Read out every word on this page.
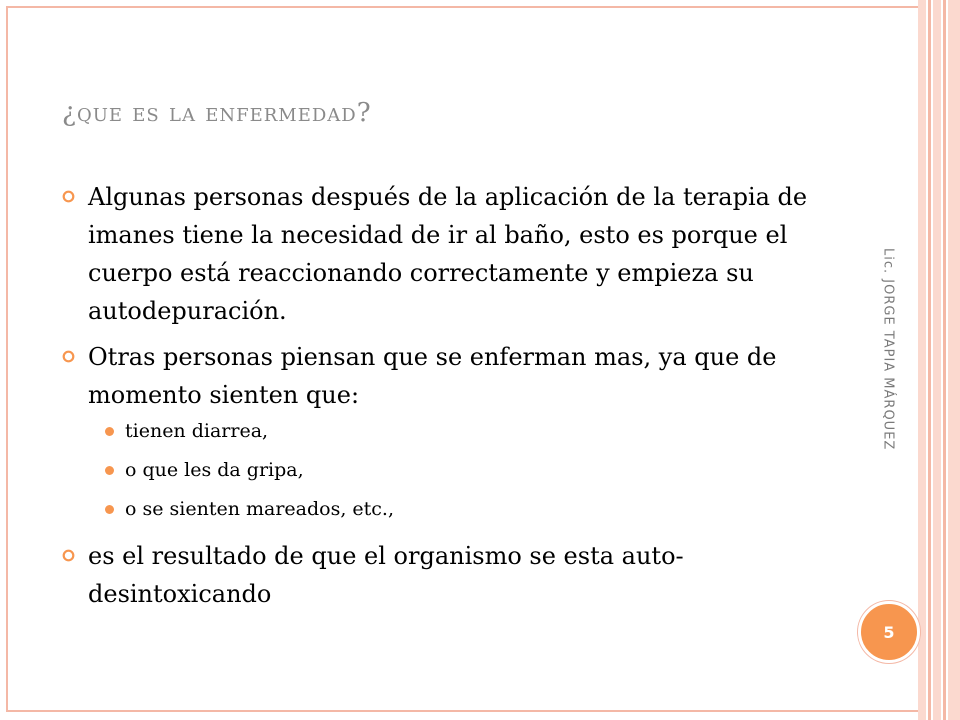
¿que es la enfermedad?
Algunas personas después de la aplicación de la terapia de imanes tiene la necesidad de ir al baño, esto es porque el cuerpo está reaccionando correctamente y empieza su autodepuración.
Otras personas piensan que se enferman mas, ya que de momento sienten que:
tienen diarrea,
o que les da gripa,
o se sienten mareados, etc.,
es el resultado de que el organismo se esta auto-desintoxicando
Lic. JORGE TAPIA MÁRQUEZ
5
